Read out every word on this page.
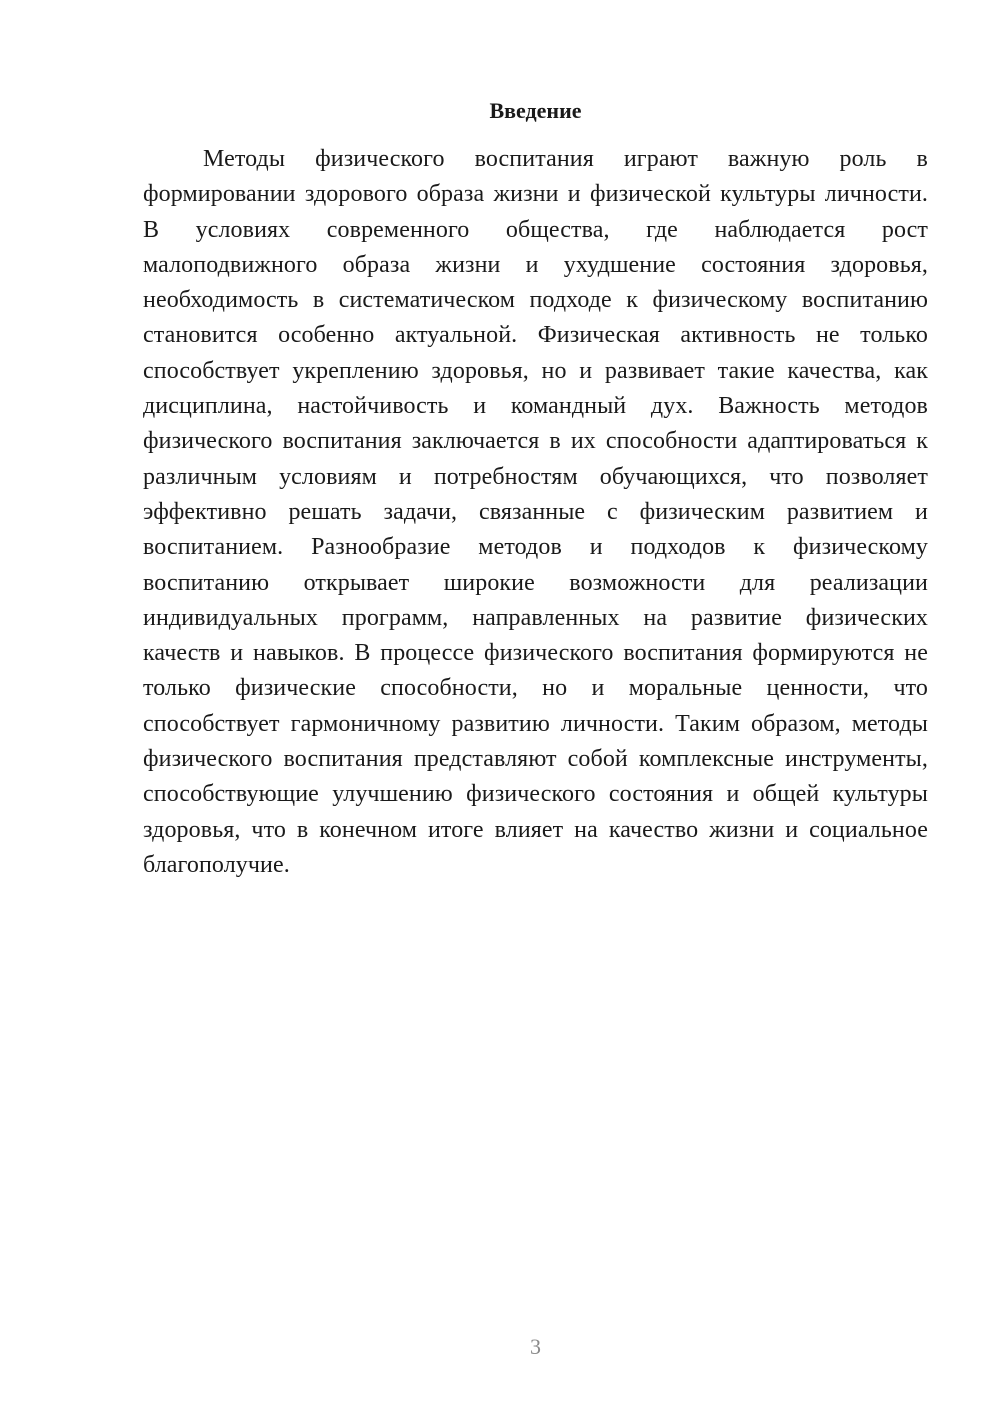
Введение

Методы физического воспитания играют важную роль в формировании здорового образа жизни и физической культуры личности. В условиях современного общества, где наблюдается рост малоподвижного образа жизни и ухудшение состояния здоровья, необходимость в систематическом подходе к физическому воспитанию становится особенно актуальной. Физическая активность не только способствует укреплению здоровья, но и развивает такие качества, как дисциплина, настойчивость и командный дух. Важность методов физического воспитания заключается в их способности адаптироваться к различным условиям и потребностям обучающихся, что позволяет эффективно решать задачи, связанные с физическим развитием и воспитанием. Разнообразие методов и подходов к физическому воспитанию открывает широкие возможности для реализации индивидуальных программ, направленных на развитие физических качеств и навыков. В процессе физического воспитания формируются не только физические способности, но и моральные ценности, что способствует гармоничному развитию личности. Таким образом, методы физического воспитания представляют собой комплексные инструменты, способствующие улучшению физического состояния и общей культуры здоровья, что в конечном итоге влияет на качество жизни и социальное благополучие.

3
